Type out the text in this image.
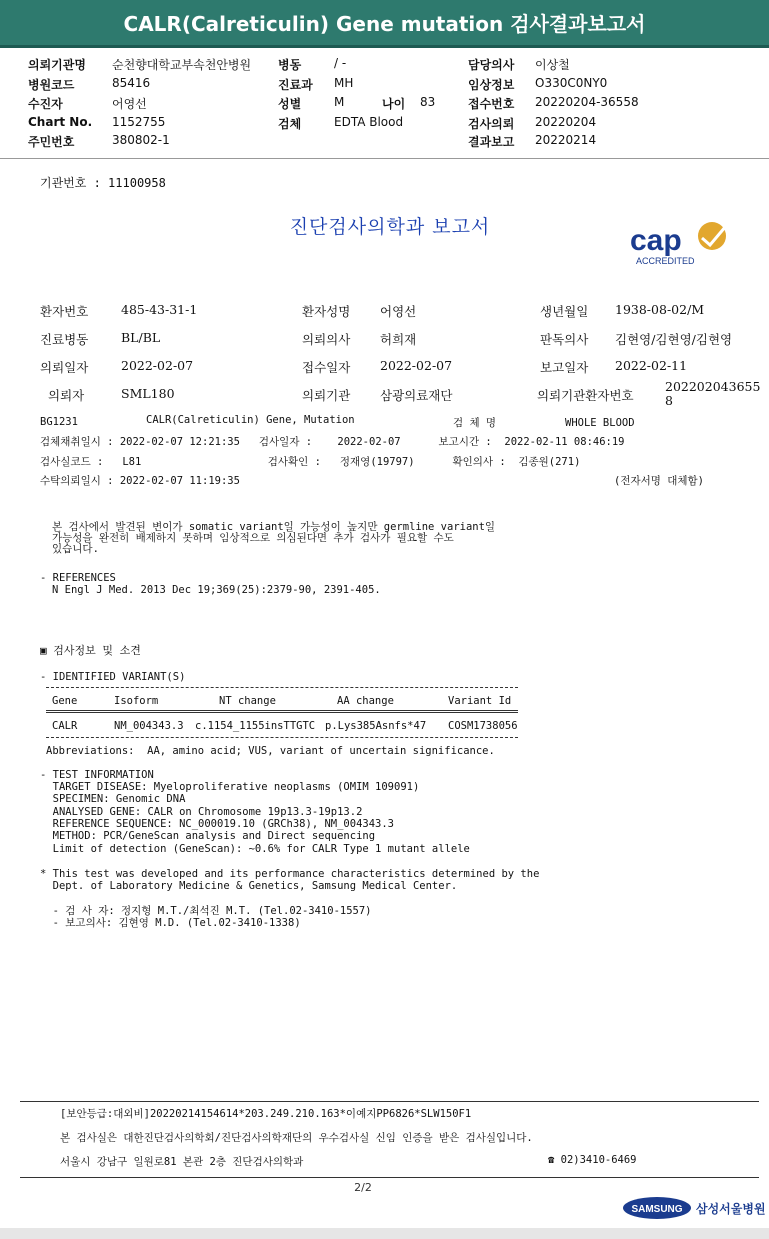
CALR(Calreticulin) Gene mutation 검사결과보고서
의뢰기관명 순천향대학교부속천안병원
병원코드	85416
수진자	어영선
Chart No. 1152755
주민번호	380802-1
병동	/ -
진료과 MH
성별	M	나이 83
검체	EDTA Blood
담당의사 이상철
임상정보 O330C0NY0
접수번호 20220204-36558
검사의뢰 20220204
결과보고 20220214
기관번호 : 11100958
진단검사의학과 보고서	cap
ACCREDITED
환자번호	485-43-31-1	환자성명 어영선	생년월일 1938-08-02/M
진료병동	BL/BL	의뢰의사 허희재	판독의사 김현영/김현영/김현영
의뢰일자	2022-02-07	접수일자 2022-02-07	보고일자 2022-02-11
의뢰자	SML180	의뢰기관 삼광의료재단	의뢰기관환자번호
202202043655
8
BG1231	CALR(Calreticulin) Gene, Mutation	검 체 명	WHOLE BLOOD
검체채취일시 : 2022-02-07 12:21:35   검사일자 :    2022-02-07      보고시간 :  2022-02-11 08:46:19
검사실코드 :   L81                    검사확인 :   정재영(19797)      확인의사 :  김종원(271)
수탁의뢰일시 : 2022-02-07 11:19:35	(전자서명 대체함)
본 검사에서 발견된 변이가 somatic variant일 가능성이 높지만 germline variant일
가능성을 완전히 배제하지 못하며 임상적으로 의심된다면 추가 검사가 필요할 수도
있습니다.
- REFERENCES
N Engl J Med. 2013 Dec 19;369(25):2379-90, 2391-405.
▣ 검사정보 및 소견
- IDENTIFIED VARIANT(S)
Gene	Isoform	NT change	AA change	Variant Id
CALR	NM_004343.3 c.1154_1155insTTGTC p.Lys385Asnfs*47 COSM1738056
Abbreviations:  AA, amino acid; VUS, variant of uncertain significance.
- TEST INFORMATION
TARGET DISEASE: Myeloproliferative neoplasms (OMIM 109091)
SPECIMEN: Genomic DNA
ANALYSED GENE: CALR on Chromosome 19p13.3-19p13.2
REFERENCE SEQUENCE: NC_000019.10 (GRCh38), NM_004343.3
METHOD: PCR/GeneScan analysis and Direct sequencing
Limit of detection (GeneScan): ~0.6% for CALR Type 1 mutant allele
* This test was developed and its performance characteristics determined by the
Dept. of Laboratory Medicine & Genetics, Samsung Medical Center.
- 검 사 자: 정지형 M.T./최석진 M.T. (Tel.02-3410-1557)
- 보고의사: 김현영 M.D. (Tel.02-3410-1338)
[보안등급:대외비]20220214154614*203.249.210.163*이예지PP6826*SLW150F1
본 검사실은 대한진단검사의학회/진단검사의학재단의 우수검사실 신임 인증을 받은 검사실입니다.
서울시 강남구 일원로81 본관 2층 진단검사의학과	☎ 02)3410-6469
2/2
SAMSUNG 삼성서울병원
